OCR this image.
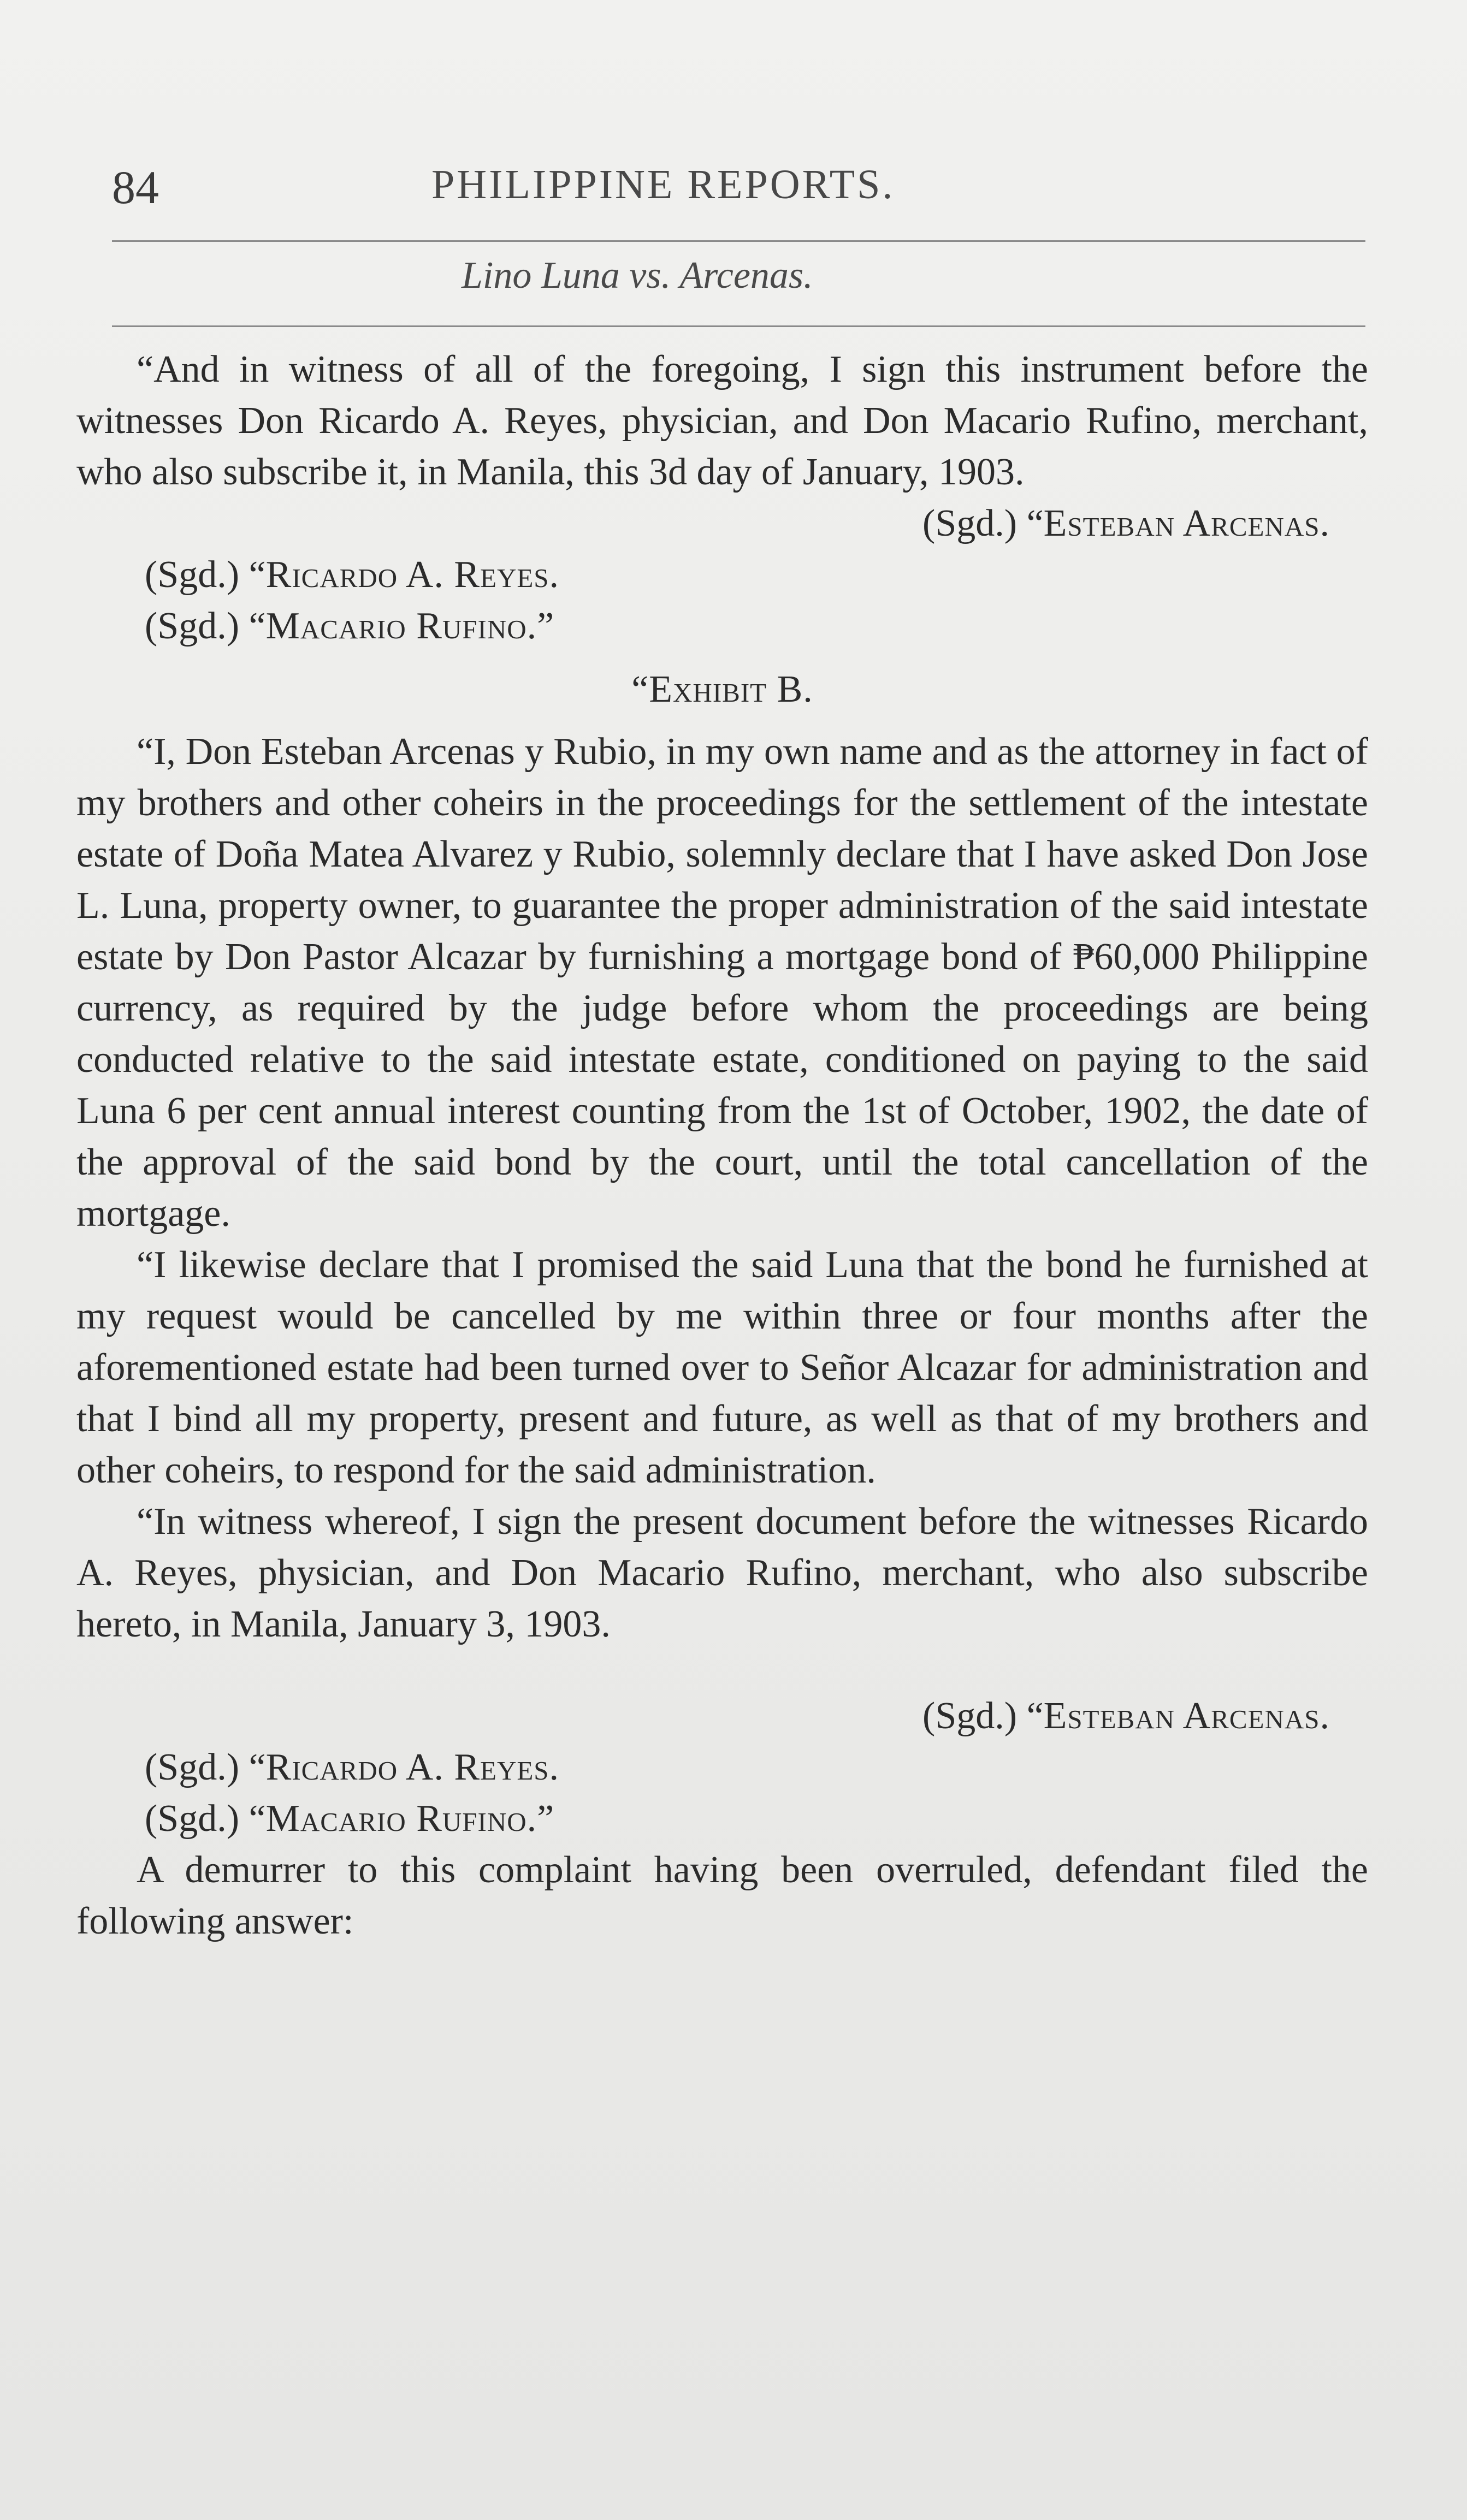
84	PHILIPPINE REPORTS.
Lino Luna vs. Arcenas.

“And in witness of all of the foregoing, I sign this instrument before the witnesses Don Ricardo A. Reyes, physician, and Don Macario Rufino, merchant, who also subscribe it, in Manila, this 3d day of January, 1903.

(Sgd.) “Esteban Arcenas.

(Sgd.) “Ricardo A. Reyes.

(Sgd.) “Macario Rufino.”

“Exhibit B.

“I, Don Esteban Arcenas y Rubio, in my own name and as the attorney in fact of my brothers and other coheirs in the proceedings for the settlement of the intestate estate of Doña Matea Alvarez y Rubio, solemnly declare that I have asked Don Jose L. Luna, property owner, to guarantee the proper administration of the said intestate estate by Don Pastor Alcazar by furnishing a mortgage bond of ₱60,000 Philippine currency, as required by the judge before whom the proceedings are being conducted relative to the said intestate estate, conditioned on paying to the said Luna 6 per cent annual interest counting from the 1st of October, 1902, the date of the approval of the said bond by the court, until the total cancellation of the mortgage.

“I likewise declare that I promised the said Luna that the bond he furnished at my request would be cancelled by me within three or four months after the aforementioned estate had been turned over to Señor Alcazar for administration and that I bind all my property, present and future, as well as that of my brothers and other coheirs, to respond for the said administration.

“In witness whereof, I sign the present document before the witnesses Ricardo A. Reyes, physician, and Don Macario Rufino, merchant, who also subscribe hereto, in Manila, January 3, 1903.

(Sgd.) “Esteban Arcenas.

(Sgd.) “Ricardo A. Reyes.

(Sgd.) “Macario Rufino.”

A demurrer to this complaint having been overruled, defendant filed the following answer:
